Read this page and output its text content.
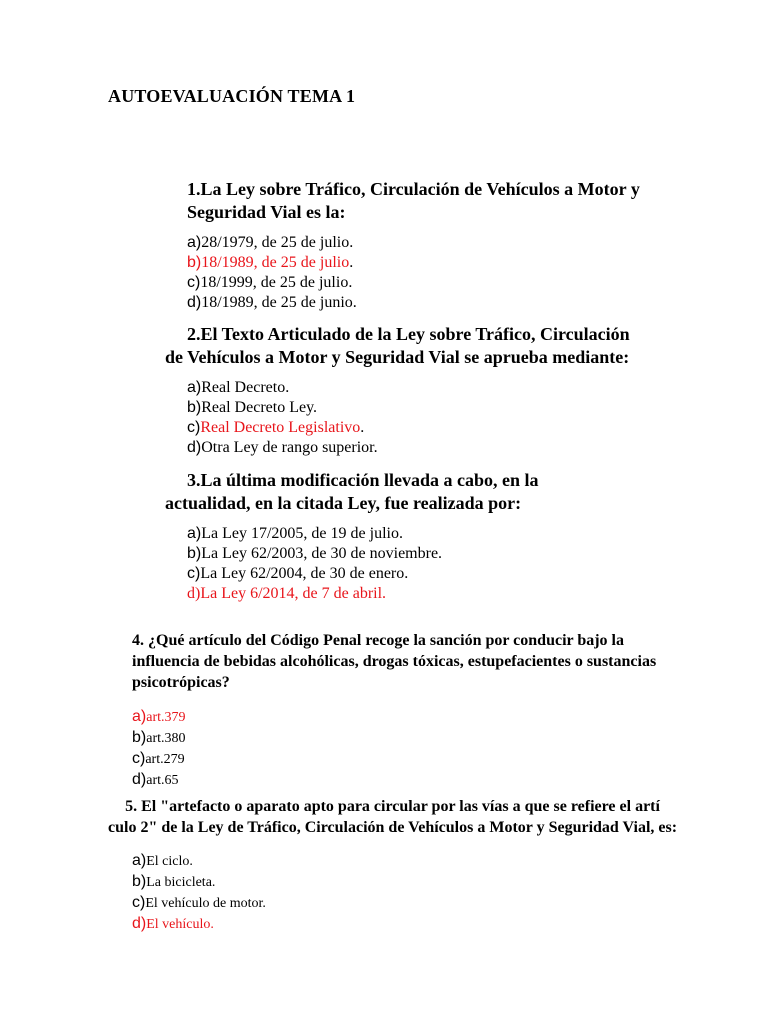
AUTOEVALUACIÓN TEMA 1
1.La Ley sobre Tráfico, Circulación de Vehículos a Motor y
Seguridad Vial es la:
a)28/1979, de 25 de julio.
b)18/1989, de 25 de julio.
c)18/1999, de 25 de julio.
d)18/1989, de 25 de junio.
2.El Texto Articulado de la Ley sobre Tráfico, Circulación
de Vehículos a Motor y Seguridad Vial se aprueba mediante:
a)Real Decreto.
b)Real Decreto Ley.
c)Real Decreto Legislativo.
d)Otra Ley de rango superior.
3.La última modificación llevada a cabo, en la
actualidad, en la citada Ley, fue realizada por:
a)La Ley 17/2005, de 19 de julio.
b)La Ley 62/2003, de 30 de noviembre.
c)La Ley 62/2004, de 30 de enero.
d)La Ley 6/2014, de 7 de abril.
4. ¿Qué artículo del Código Penal recoge la sanción por conducir bajo la
influencia de bebidas alcohólicas, drogas tóxicas, estupefacientes o sustancias
psicotrópicas?
a)art.379
b)art.380
c)art.279
d)art.65
5. El "artefacto o aparato apto para circular por las vías a que se refiere el artí
culo 2" de la Ley de Tráfico, Circulación de Vehículos a Motor y Seguridad Vial, es:
a)El ciclo.
b)La bicicleta.
c)El vehículo de motor.
d)El vehículo.
